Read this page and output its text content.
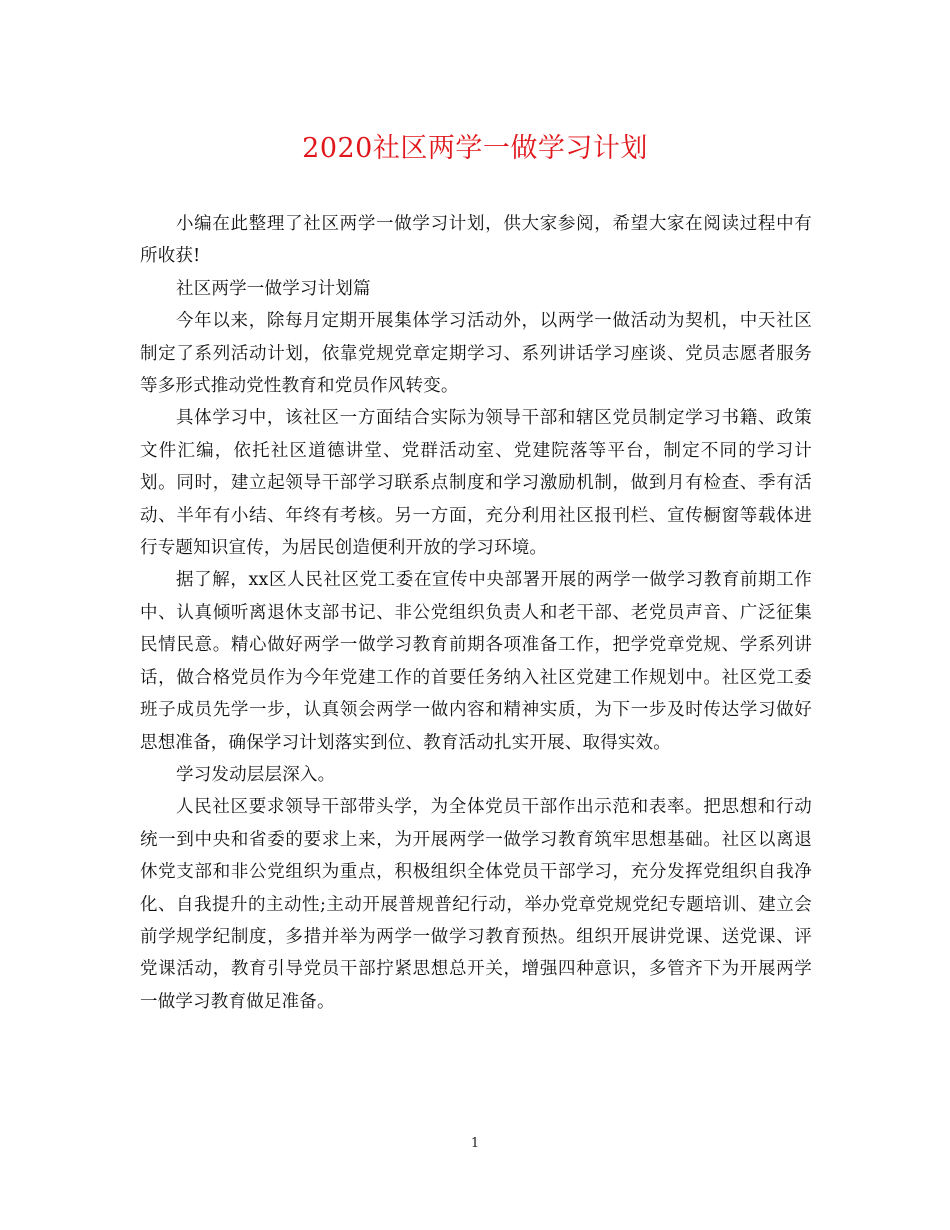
2020社区两学一做学习计划

小编在此整理了社区两学一做学习计划，供大家参阅，希望大家在阅读过程中有所收获!

社区两学一做学习计划篇

今年以来，除每月定期开展集体学习活动外，以两学一做活动为契机，中天社区制定了系列活动计划，依靠党规党章定期学习、系列讲话学习座谈、党员志愿者服务等多形式推动党性教育和党员作风转变。

具体学习中，该社区一方面结合实际为领导干部和辖区党员制定学习书籍、政策文件汇编，依托社区道德讲堂、党群活动室、党建院落等平台，制定不同的学习计划。同时，建立起领导干部学习联系点制度和学习激励机制，做到月有检查、季有活动、半年有小结、年终有考核。另一方面，充分利用社区报刊栏、宣传橱窗等载体进行专题知识宣传，为居民创造便利开放的学习环境。

据了解，xx区人民社区党工委在宣传中央部署开展的两学一做学习教育前期工作中、认真倾听离退休支部书记、非公党组织负责人和老干部、老党员声音、广泛征集民情民意。精心做好两学一做学习教育前期各项准备工作，把学党章党规、学系列讲话，做合格党员作为今年党建工作的首要任务纳入社区党建工作规划中。社区党工委班子成员先学一步，认真领会两学一做内容和精神实质，为下一步及时传达学习做好思想准备，确保学习计划落实到位、教育活动扎实开展、取得实效。

学习发动层层深入。

人民社区要求领导干部带头学，为全体党员干部作出示范和表率。把思想和行动统一到中央和省委的要求上来，为开展两学一做学习教育筑牢思想基础。社区以离退休党支部和非公党组织为重点，积极组织全体党员干部学习，充分发挥党组织自我净化、自我提升的主动性;主动开展普规普纪行动，举办党章党规党纪专题培训、建立会前学规学纪制度，多措并举为两学一做学习教育预热。组织开展讲党课、送党课、评党课活动，教育引导党员干部拧紧思想总开关，增强四种意识，多管齐下为开展两学一做学习教育做足准备。

1
